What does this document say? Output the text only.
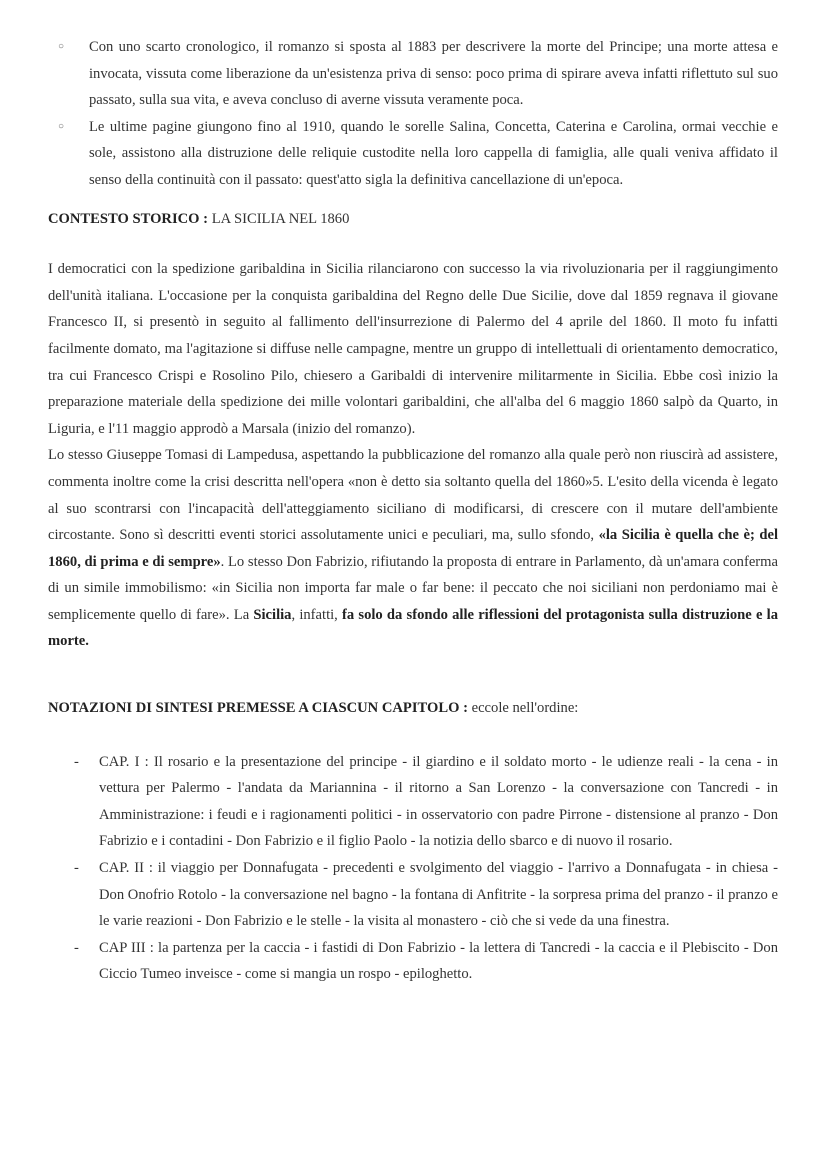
○ Con uno scarto cronologico, il romanzo si sposta al 1883 per descrivere la morte del Principe; una morte attesa e invocata, vissuta come liberazione da un'esistenza priva di senso: poco prima di spirare aveva infatti riflettuto sul suo passato, sulla sua vita, e aveva concluso di averne vissuta veramente poca.
○ Le ultime pagine giungono fino al 1910, quando le sorelle Salina, Concetta, Caterina e Carolina, ormai vecchie e sole, assistono alla distruzione delle reliquie custodite nella loro cappella di famiglia, alle quali veniva affidato il senso della continuità con il passato: quest'atto sigla la definitiva cancellazione di un'epoca.
CONTESTO STORICO : LA SICILIA NEL 1860

I democratici con la spedizione garibaldina in Sicilia rilanciarono con successo la via rivoluzionaria per il raggiungimento dell'unità italiana. L'occasione per la conquista garibaldina del Regno delle Due Sicilie, dove dal 1859 regnava il giovane Francesco II, si presentò in seguito al fallimento dell'insurrezione di Palermo del 4 aprile del 1860. Il moto fu infatti facilmente domato, ma l'agitazione si diffuse nelle campagne, mentre un gruppo di intellettuali di orientamento democratico, tra cui Francesco Crispi e Rosolino Pilo, chiesero a Garibaldi di intervenire militarmente in Sicilia. Ebbe così inizio la preparazione materiale della spedizione dei mille volontari garibaldini, che all'alba del 6 maggio 1860 salpò da Quarto, in Liguria, e l'11 maggio approdò a Marsala (inizio del romanzo).

Lo stesso Giuseppe Tomasi di Lampedusa, aspettando la pubblicazione del romanzo alla quale però non riuscirà ad assistere, commenta inoltre come la crisi descritta nell'opera «non è detto sia soltanto quella del 1860»5. L'esito della vicenda è legato al suo scontrarsi con l'incapacità dell'atteggiamento siciliano di modificarsi, di crescere con il mutare dell'ambiente circostante. Sono sì descritti eventi storici assolutamente unici e peculiari, ma, sullo sfondo, «la Sicilia è quella che è; del 1860, di prima e di sempre». Lo stesso Don Fabrizio, rifiutando la proposta di entrare in Parlamento, dà un'amara conferma di un simile immobilismo: «in Sicilia non importa far male o far bene: il peccato che noi siciliani non perdoniamo mai è semplicemente quello di fare». La Sicilia, infatti, fa solo da sfondo alle riflessioni del protagonista sulla distruzione e la morte.

NOTAZIONI DI SINTESI PREMESSE A CIASCUN CAPITOLO : eccole nell'ordine:
- CAP. I : Il rosario e la presentazione del principe - il giardino e il soldato morto - le udienze reali - la cena - in vettura per Palermo - l'andata da Mariannina - il ritorno a San Lorenzo - la conversazione con Tancredi - in Amministrazione: i feudi e i ragionamenti politici - in osservatorio con padre Pirrone - distensione al pranzo - Don Fabrizio e i contadini - Don Fabrizio e il figlio Paolo - la notizia dello sbarco e di nuovo il rosario.
- CAP. II : il viaggio per Donnafugata - precedenti e svolgimento del viaggio - l'arrivo a Donnafugata - in chiesa - Don Onofrio Rotolo - la conversazione nel bagno - la fontana di Anfitrite - la sorpresa prima del pranzo - il pranzo e le varie reazioni - Don Fabrizio e le stelle - la visita al monastero - ciò che si vede da una finestra.
- CAP III : la partenza per la caccia - i fastidi di Don Fabrizio - la lettera di Tancredi - la caccia e il Plebiscito - Don Ciccio Tumeo inveisce - come si mangia un rospo - epiloghetto.
